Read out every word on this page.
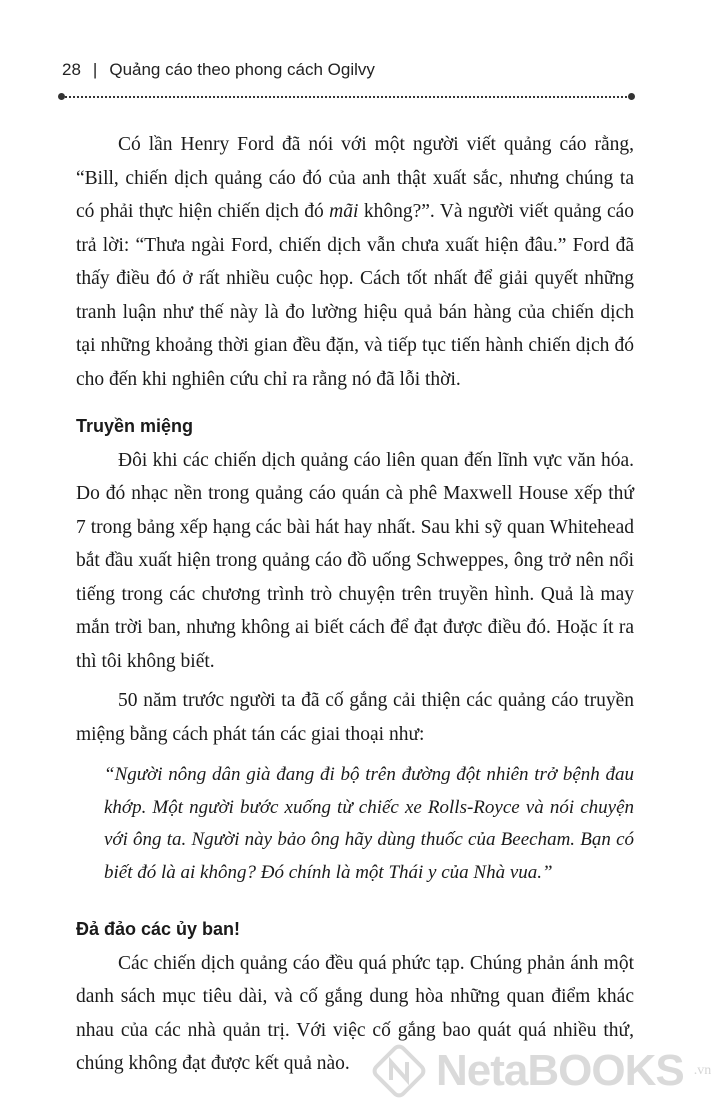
28 | Quảng cáo theo phong cách Ogilvy

Có lần Henry Ford đã nói với một người viết quảng cáo rằng, “Bill, chiến dịch quảng cáo đó của anh thật xuất sắc, nhưng chúng ta có phải thực hiện chiến dịch đó mãi không?”. Và người viết quảng cáo trả lời: “Thưa ngài Ford, chiến dịch vẫn chưa xuất hiện đâu.” Ford đã thấy điều đó ở rất nhiều cuộc họp. Cách tốt nhất để giải quyết những tranh luận như thế này là đo lường hiệu quả bán hàng của chiến dịch tại những khoảng thời gian đều đặn, và tiếp tục tiến hành chiến dịch đó cho đến khi nghiên cứu chỉ ra rằng nó đã lỗi thời.

Truyền miệng

Đôi khi các chiến dịch quảng cáo liên quan đến lĩnh vực văn hóa. Do đó nhạc nền trong quảng cáo quán cà phê Maxwell House xếp thứ 7 trong bảng xếp hạng các bài hát hay nhất. Sau khi sỹ quan Whitehead bắt đầu xuất hiện trong quảng cáo đồ uống Schweppes, ông trở nên nổi tiếng trong các chương trình trò chuyện trên truyền hình. Quả là may mắn trời ban, nhưng không ai biết cách để đạt được điều đó. Hoặc ít ra thì tôi không biết.

50 năm trước người ta đã cố gắng cải thiện các quảng cáo truyền miệng bằng cách phát tán các giai thoại như:

“Người nông dân già đang đi bộ trên đường đột nhiên trở bệnh đau khớp. Một người bước xuống từ chiếc xe Rolls-Royce và nói chuyện với ông ta. Người này bảo ông hãy dùng thuốc của Beecham. Bạn có biết đó là ai không? Đó chính là một Thái y của Nhà vua.”

Đả đảo các ủy ban!

Các chiến dịch quảng cáo đều quá phức tạp. Chúng phản ánh một danh sách mục tiêu dài, và cố gắng dung hòa những quan điểm khác nhau của các nhà quản trị. Với việc cố gắng bao quát quá nhiều thứ, chúng không đạt được kết quả nào.	NetaBOOKS .vn
